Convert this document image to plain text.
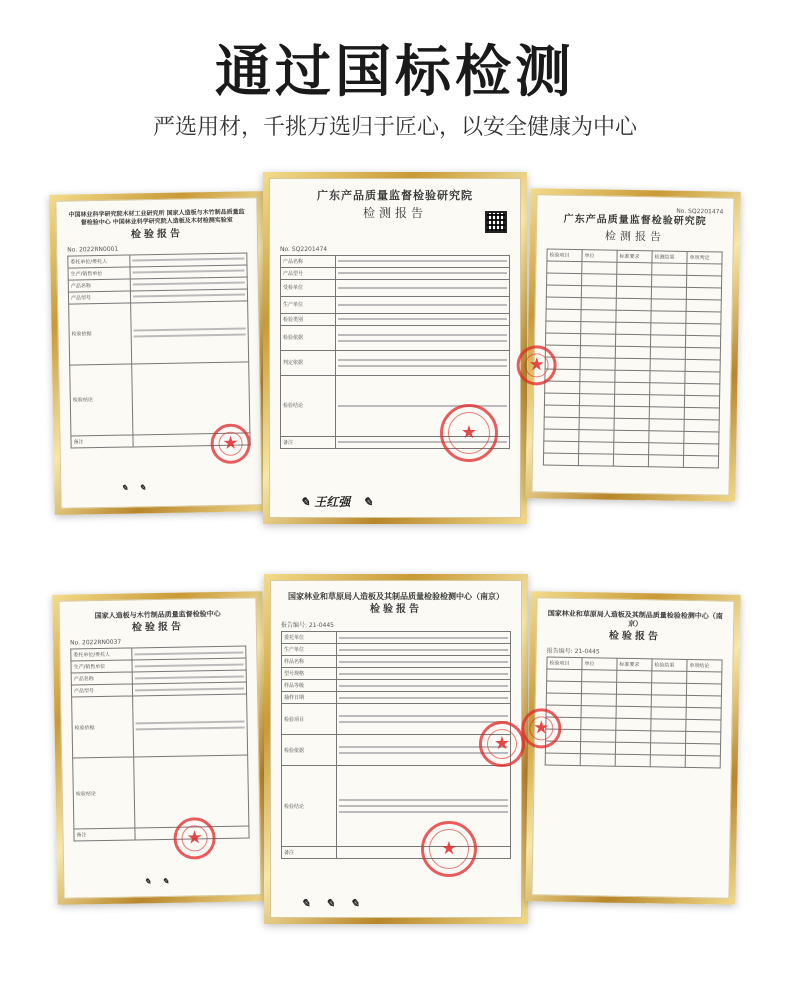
通过国标检测
严选用材，千挑万选归于匠心，以安全健康为中心
中国林业科学研究院木材工业研究所 国家人造板与木竹制品质量监督检验中心 中国林业科学研究院人造板及木材检测实验室
检验报告
No. 2022RN0001
委托单位/委托人	

生产/销售单位	

产品名称	

产品型号	

检验依据	

检验结论	
备注		★
✎    ✎
广东产品质量监督检验研究院
检测报告
No. SQ2201474
产品名称	

产品型号	

受检单位	

生产单位	

检验类别	

检验依据	

判定依据	

检验结论	

备注		★
✎ 王红强   ✎
No. SQ2201474
广东产品质量监督检验研究院
检测报告
检验项目	单位	标准要求	检测结果	单项判定

★
国家人造板与木竹制品质量监督检验中心
检验报告
No. 2022RN0037
委托单位/委托人	

生产/销售单位	

产品名称	

产品型号	

检验依据	

检验结论	
备注		★
✎    ✎
国家林业和草原局人造板及其制品质量检验检测中心（南京）
检验报告
报告编号: 21-0445
委托单位	

生产单位	

样品名称	

型号规格	

样品等级	

抽样日期	

检验项目	

检验依据	

检验结论	

备注	
★
★
✎    ✎    ✎
国家林业和草原局人造板及其制品质量检验检测中心（南京）
检验报告
报告编号: 21-0445
检验项目	单位	标准要求	检验结果	单项结论

★
